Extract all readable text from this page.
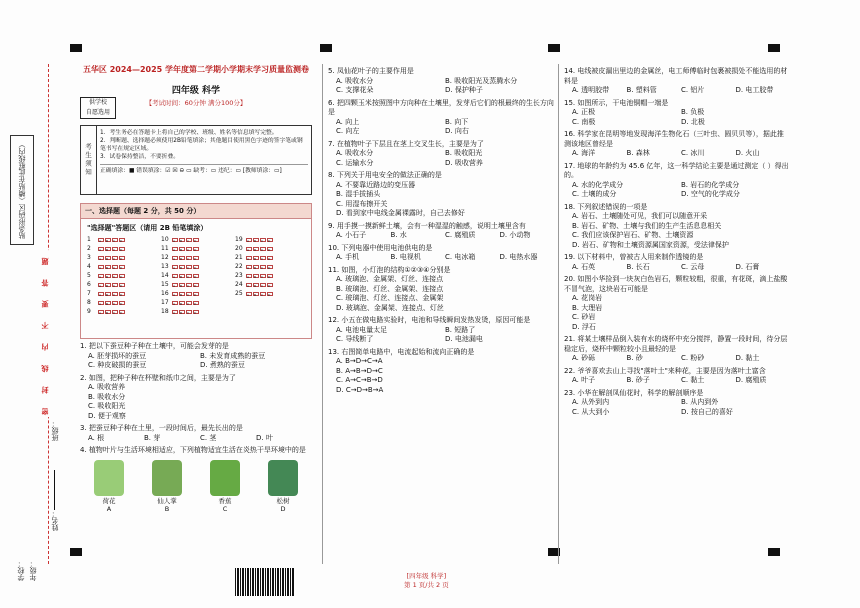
贴条形码区（横贴在此框线内）
密 封 线 内 不 要 答 题
姓名：
班级：
年级：
学校：
五华区 2024—2025 学年度第二学期小学期末学习质量监测卷
供学校
自愿选用
四年级 科学
【考试时间：60分钟 满分100分】
考生须知
1．考生务必在答题卡上将自己的学校、班级、姓名等信息填写完整。
2．判断题、选择题必须使用2B铅笔填涂；其他题目使用黑色字迹的签字笔或钢笔书写在规定区域。
3．试卷保持整洁，不要折叠。
正确填涂：■ 错误填涂：☑ ☒ ⊖ ▭ 缺考：▭ 违纪：▭ [教师填涂：▭]
一、选择题（每题 2 分，共 50 分）
"选择题"答题区（请用 2B 铅笔填涂）
1	A	B	C	D	10	A	B	C	D	19	A	B	C	D
2	A	B	C	D	11	A	B	C	D	20	A	B	C	D
3	A	B	C	D	12	A	B	C	D	21	A	B	C	D
4	A	B	C	D	13	A	B	C	D	22	A	B	C	D
5	A	B	C	D	14	A	B	C	D	23	A	B	C	D
6	A	B	C	D	15	A	B	C	D	24	A	B	C	D
7	A	B	C	D	16	A	B	C	D	25	A	B	C	D
8	A	B	C	D	17	A	B	C	D
9	A	B	C	D	18	A	B	C	D
1. 把以下蚕豆种子种在土壤中，可能会发芽的是
A. 胚芽损坏的蚕豆	B. 未发育成熟的蚕豆
C. 种皮破损的蚕豆	D. 煮熟的蚕豆
2. 如图，把种子种在杯壁和纸巾之间，主要是为了
A. 吸收营养
B. 吸收水分
C. 吸收阳光
D. 便于观察
3. 把蚕豆种子种在土里，一段时间后，最先长出的是
A. 根	B. 芽	C. 茎	D. 叶
4. 植物叶片与生活环境相适应，下列植物适宜生活在炎热干旱环境中的是
荷花
A
仙人掌
B
香蕉
C
松树
D
5. 凤仙花叶子的主要作用是
A. 吸收水分	B. 吸收阳光及蒸腾水分
C. 支撑花朵	D. 保护种子
6. 把四颗玉米按照图中方向种在土壤里，发芽后它们的根最终的生长方向是
A. 向上	B. 向下
C. 向左	D. 向右
7. 在植物叶子下层且在茎上交叉生长，主要是为了
A. 吸收水分	B. 吸收阳光
C. 运输水分	D. 吸收营养
8. 下列关于用电安全的做法正确的是
A. 不要靠近路边的变压器
B. 湿手拔插头
C. 用湿布擦开关
D. 看到家中电线金属裸露时，自己去修好
9. 用手摸一摸新鲜土壤，会有一种湿湿的触感，说明土壤里含有
A. 小石子	B. 水	C. 腐殖质	D. 小动物
10. 下列电器中使用电池供电的是
A. 手机	B. 电视机	C. 电冰箱	D. 电热水器
11. 如图，小灯泡的结构①②③④分别是
A. 玻璃泡、金属架、灯丝、连接点
B. 玻璃泡、灯丝、金属架、连接点
C. 玻璃泡、灯丝、连接点、金属架
D. 玻璃泡、金属架、连接点、灯丝
12. 小五在做电路实验时，电池和导线瞬间发热发烫，原因可能是
A. 电池电量太足	B. 短路了
C. 导线断了	D. 电池漏电
13. 右图简单电路中，电流起始和流向正确的是
A. B→D→C→A
B. A→B→D→C
C. A→C→B→D
D. C→D→B→A
14. 电线被皮漏出里边的金属丝，电工师傅临时包裹被损处不能选用的材料是
A. 透明胶带	B. 塑料管	C. 铝片	D. 电工胶带
15. 如图所示，干电池铜帽一端是
A. 正极	B. 负极
C. 南极	D. 北极
16. 科学家在昆明等地发现海洋生物化石（三叶虫、圆贝贝等），据此推测该地区曾经是
A. 海洋	B. 森林	C. 冰川	D. 火山
17. 地球的年龄约为 45.6 亿年，这一科学结论主要是通过测定（ ）得出的。
A. 水的化学成分	B. 岩石的化学成分
C. 土壤的成分	D. 空气的化学成分
18. 下列叙述错误的一项是
A. 岩石、土壤随处可见，我们可以随意开采
B. 岩石、矿物、土壤与我们的生产生活息息相关
C. 我们应该保护岩石、矿物、土壤资源
D. 岩石、矿物和土壤资源属国家资源，受法律保护
19. 以下材料中，曾被古人用来制作透镜的是
A. 石英	B. 长石	C. 云母	D. 石膏
20. 如图小华捡到一块灰白色岩石，颗粒较粗，很重，有花斑，滴上盐酸不冒气泡，这块岩石可能是
A. 花岗岩
B. 大理岩
C. 砂岩
D. 浮石
21. 将某土壤样品倒入装有水的烧杯中充分搅拌，静置一段时间，待分层稳定后，烧杯中颗粒较小且最轻的是
A. 砂砾	B. 砂	C. 粉砂	D. 黏土
22. 爷爷喜欢去山上寻找"落叶土"来种花，主要是因为落叶土富含
A. 叶子	B. 砂子	C. 黏土	D. 腐殖质
23. 小华在解剖凤仙花时，科学的解剖顺序是
A. 从外到内	B. 从内到外
C. 从大到小	D. 按自己的喜好
[四年级 科学]
第 1 页/共 2 页
